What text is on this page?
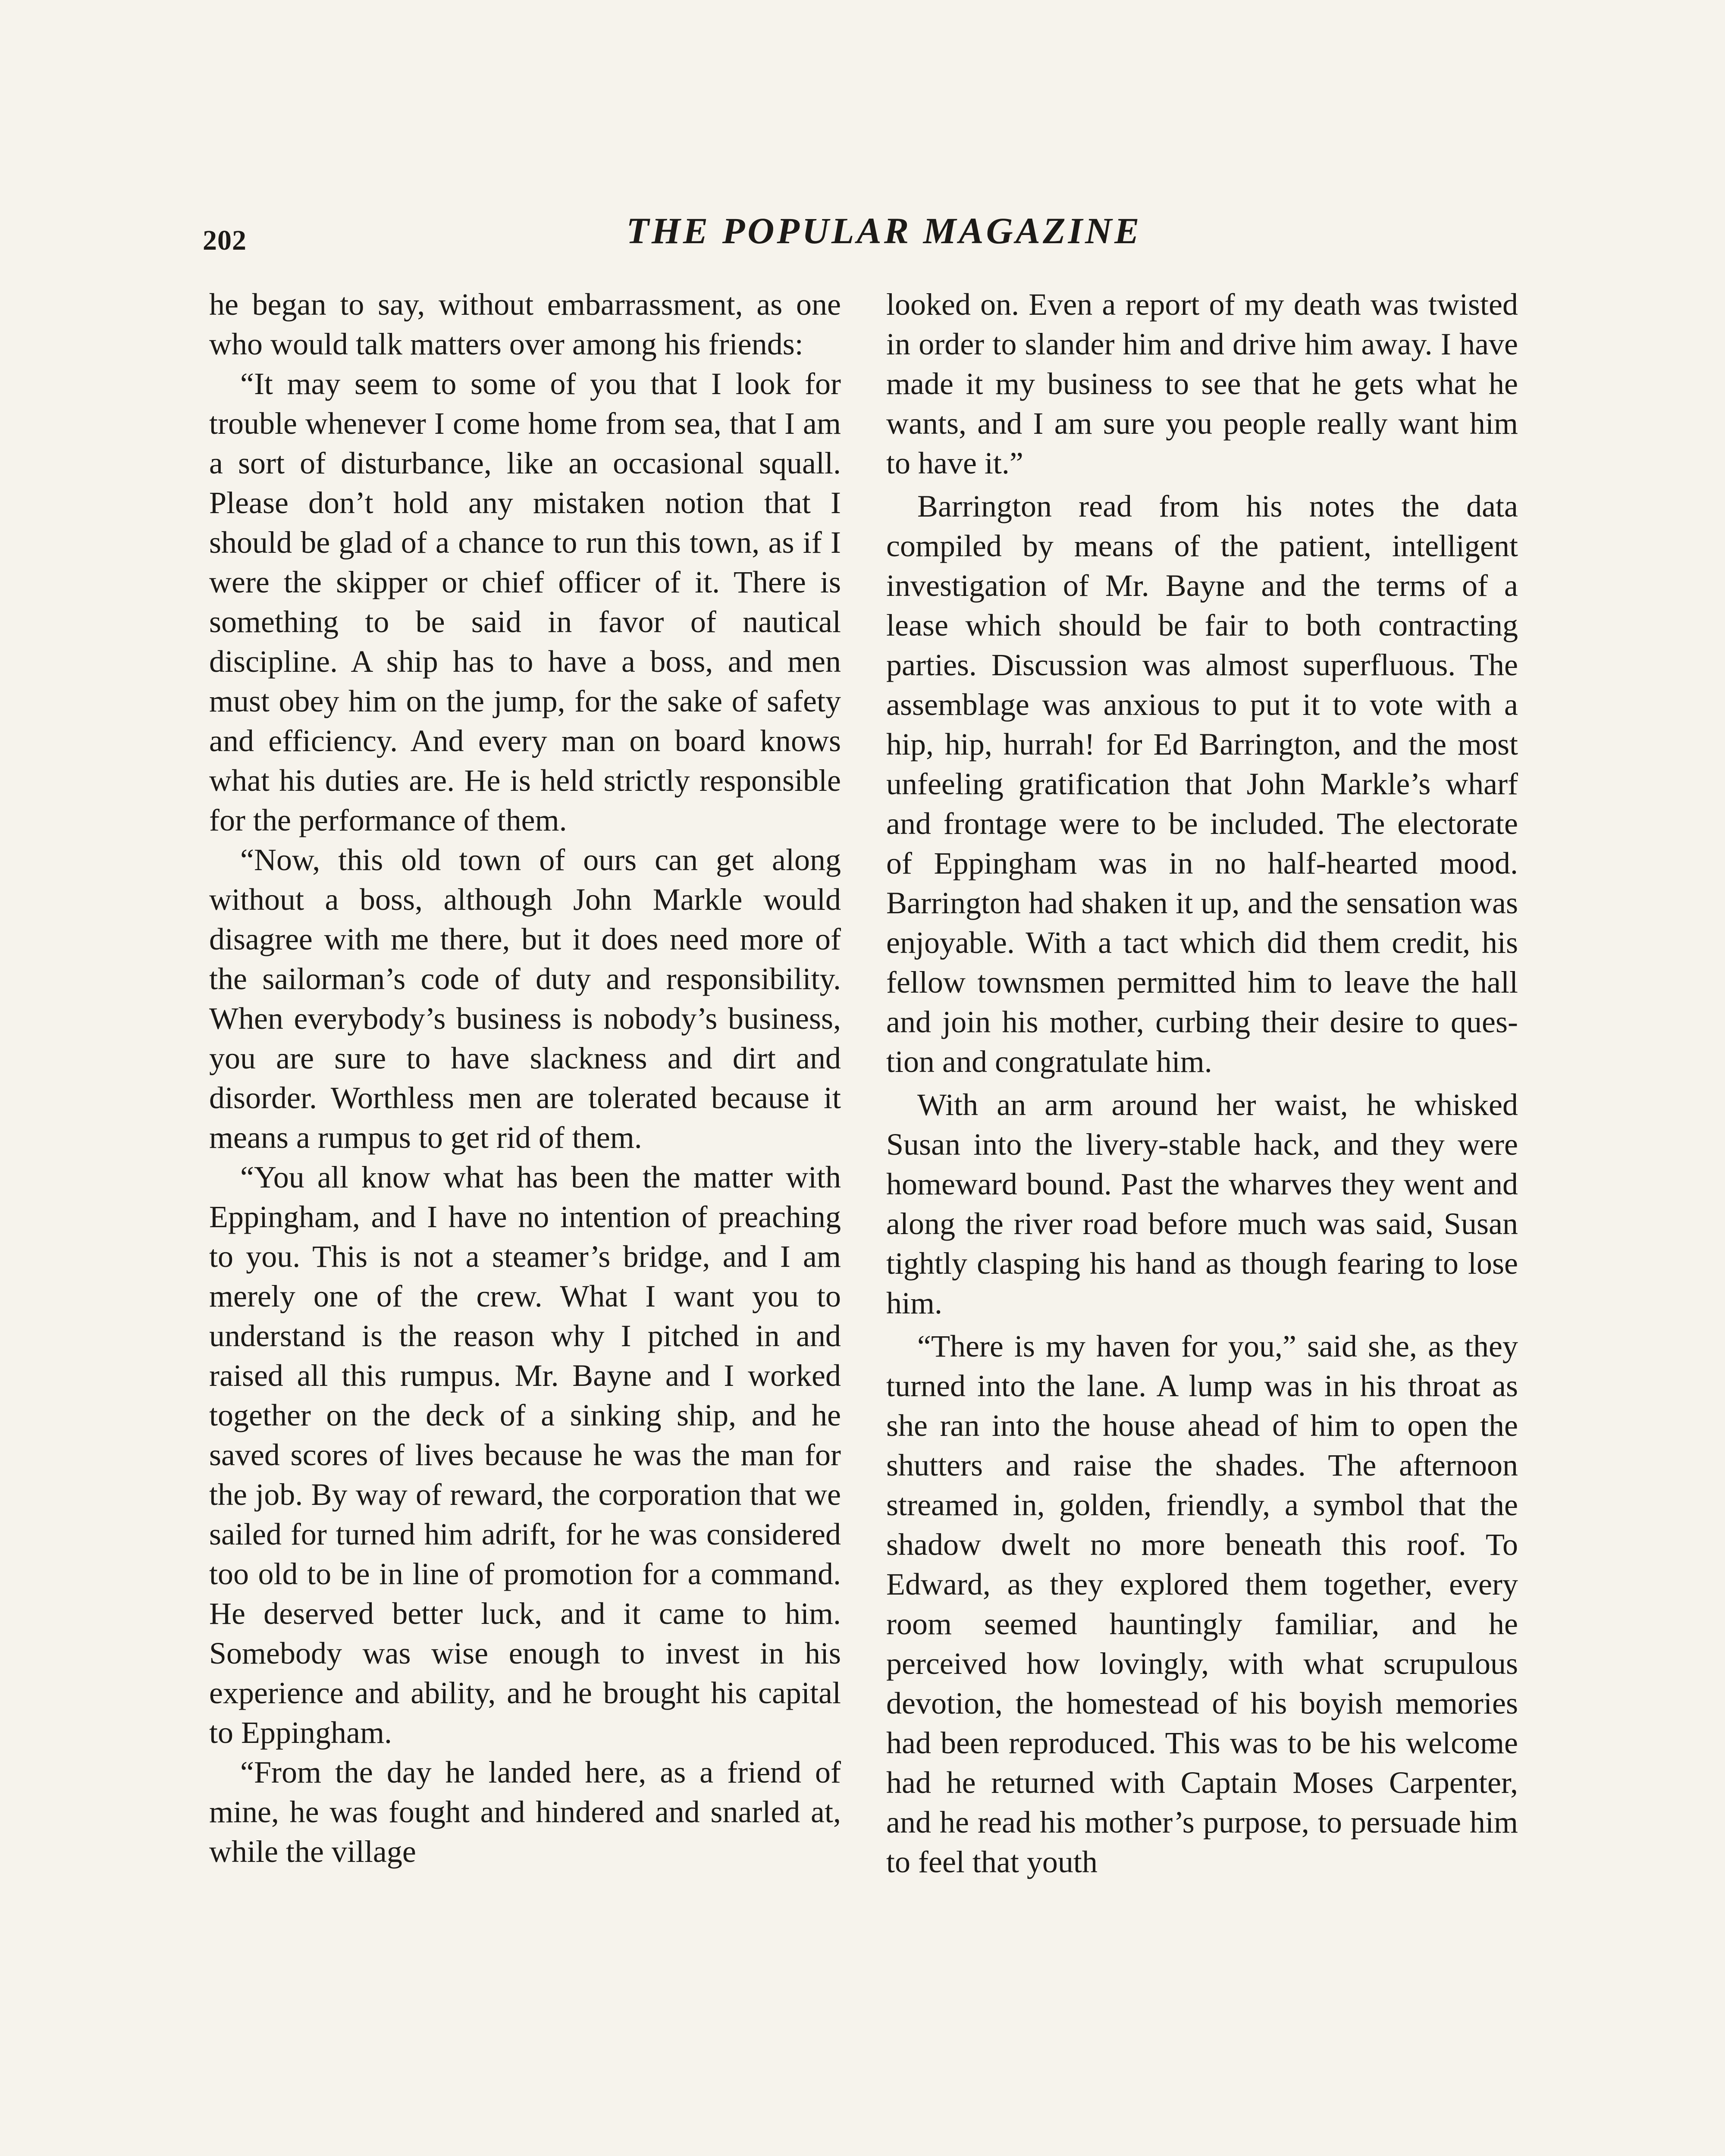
202	THE POPULAR MAGAZINE

he began to say, without embarrassment, as one who would talk matters over among his friends:

“It may seem to some of you that I look for trouble whenever I come home from sea, that I am a sort of disturbance, like an occasional squall. Please don’t hold any mistaken notion that I should be glad of a chance to run this town, as if I were the skipper or chief officer of it. There is something to be said in favor of nautical discipline. A ship has to have a boss, and men must obey him on the jump, for the sake of safety and efficiency. And every man on board knows what his duties are. He is held strictly responsible for the performance of them.

“Now, this old town of ours can get along without a boss, although John Markle would disagree with me there, but it does need more of the sailorman’s code of duty and responsibility. When everybody’s business is nobody’s business, you are sure to have slackness and dirt and disorder. Worthless men are tolerated because it means a rumpus to get rid of them.

“You all know what has been the matter with Eppingham, and I have no intention of preaching to you. This is not a steamer’s bridge, and I am merely one of the crew. What I want you to understand is the reason why I pitched in and raised all this rumpus. Mr. Bayne and I worked together on the deck of a sinking ship, and he saved scores of lives because he was the man for the job. By way of reward, the corporation that we sailed for turned him adrift, for he was considered too old to be in line of promotion for a command. He deserved better luck, and it came to him. Somebody was wise enough to invest in his experience and ability, and he brought his capital to Eppingham.

“From the day he landed here, as a friend of mine, he was fought and hindered and snarled at, while the village

looked on. Even a report of my death was twisted in order to slander him and drive him away. I have made it my business to see that he gets what he wants, and I am sure you people really want him to have it.”

Barrington read from his notes the data compiled by means of the patient, intelligent investigation of Mr. Bayne and the terms of a lease which should be fair to both contracting parties. Discussion was almost superfluous. The assemblage was anxious to put it to vote with a hip, hip, hurrah! for Ed Barrington, and the most unfeeling gratification that John Markle’s wharf and frontage were to be included. The electorate of Eppingham was in no half-hearted mood. Barrington had shaken it up, and the sensation was enjoyable. With a tact which did them credit, his fellow townsmen permitted him to leave the hall and join his mother, curbing their desire to question and congratulate him.

With an arm around her waist, he whisked Susan into the livery-stable hack, and they were homeward bound. Past the wharves they went and along the river road before much was said, Susan tightly clasping his hand as though fearing to lose him.

“There is my haven for you,” said she, as they turned into the lane. A lump was in his throat as she ran into the house ahead of him to open the shutters and raise the shades. The afternoon streamed in, golden, friendly, a symbol that the shadow dwelt no more beneath this roof. To Edward, as they explored them together, every room seemed hauntingly familiar, and he perceived how lovingly, with what scrupulous devotion, the homestead of his boyish memories had been reproduced. This was to be his welcome had he returned with Captain Moses Carpenter, and he read his mother’s purpose, to persuade him to feel that youth
